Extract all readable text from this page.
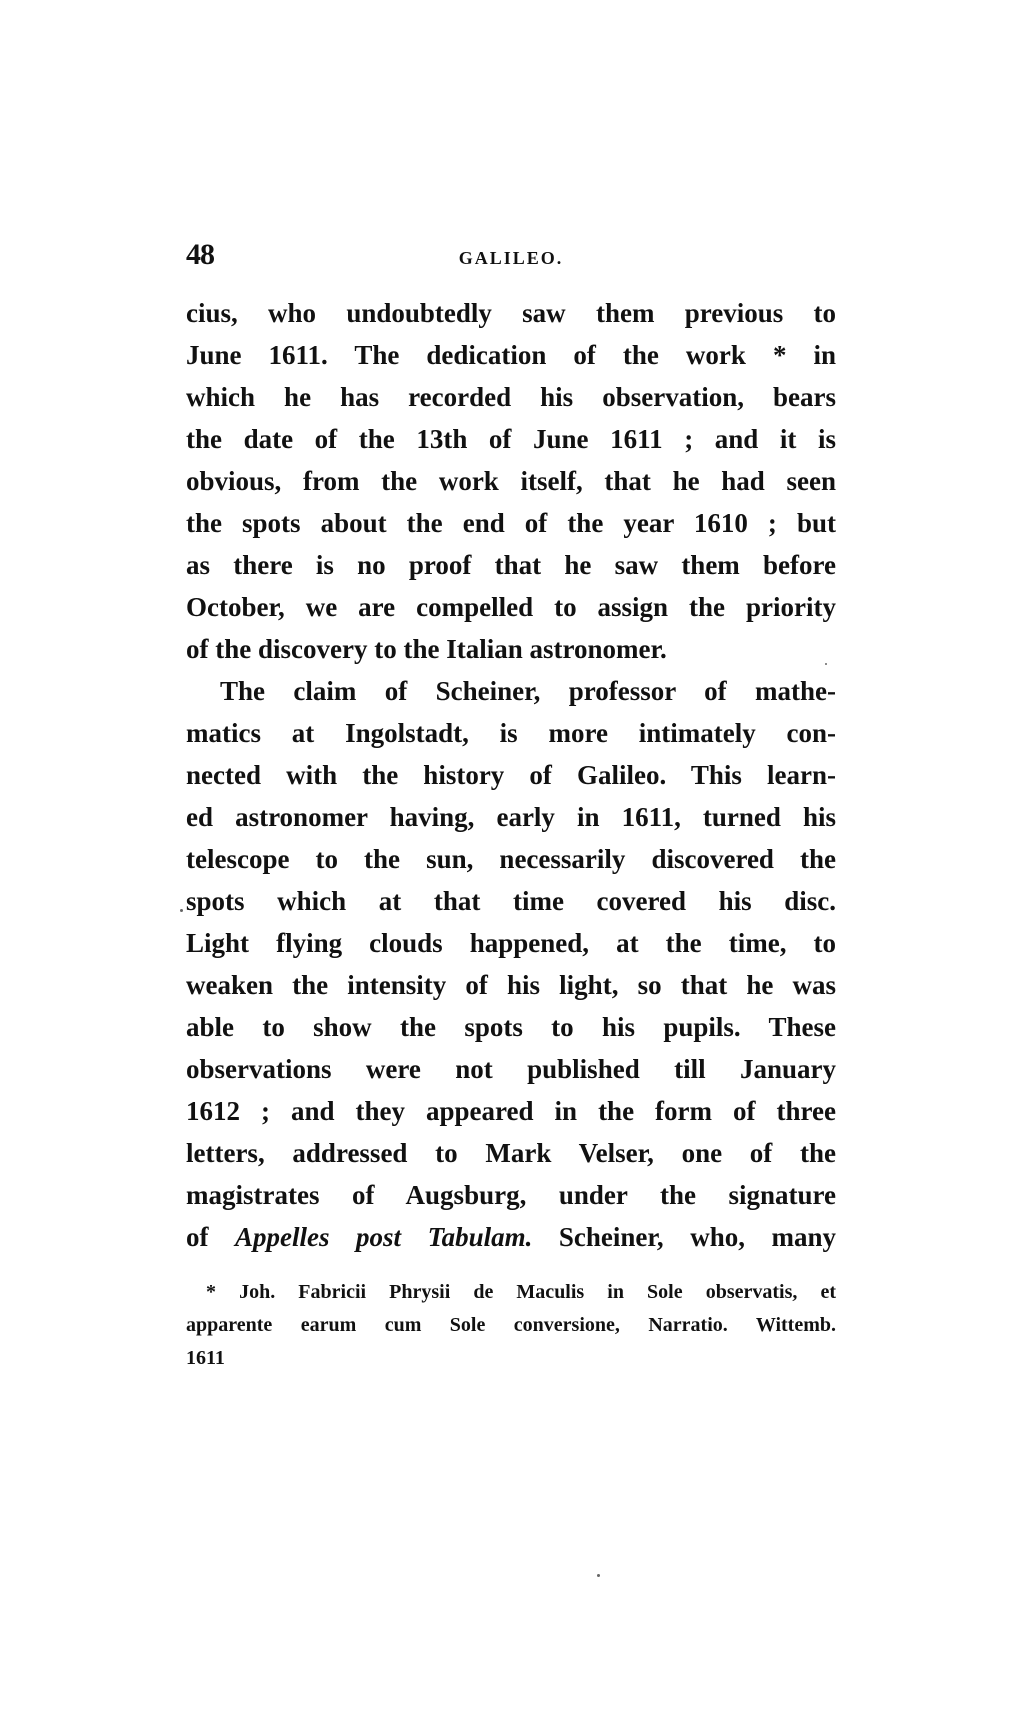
48	GALILEO.
cius, who undoubtedly saw them previous to
June 1611. The dedication of the work * in
which he has recorded his observation, bears
the date of the 13th of June 1611 ; and it is
obvious, from the work itself, that he had seen
the spots about the end of the year 1610 ; but
as there is no proof that he saw them before
October, we are compelled to assign the priority
of the discovery to the Italian astronomer.
The claim of Scheiner, professor of mathe-
matics at Ingolstadt, is more intimately con-
nected with the history of Galileo. This learn-
ed astronomer having, early in 1611, turned his
telescope to the sun, necessarily discovered the
spots which at that time covered his disc.
Light flying clouds happened, at the time, to
weaken the intensity of his light, so that he was
able to show the spots to his pupils. These
observations were not published till January
1612 ; and they appeared in the form of three
letters, addressed to Mark Velser, one of the
magistrates of Augsburg, under the signature
of Appelles post Tabulam. Scheiner, who, many
* Joh. Fabricii Phrysii de Maculis in Sole observatis, et
apparente earum cum Sole conversione, Narratio. Wittemb.
1611
